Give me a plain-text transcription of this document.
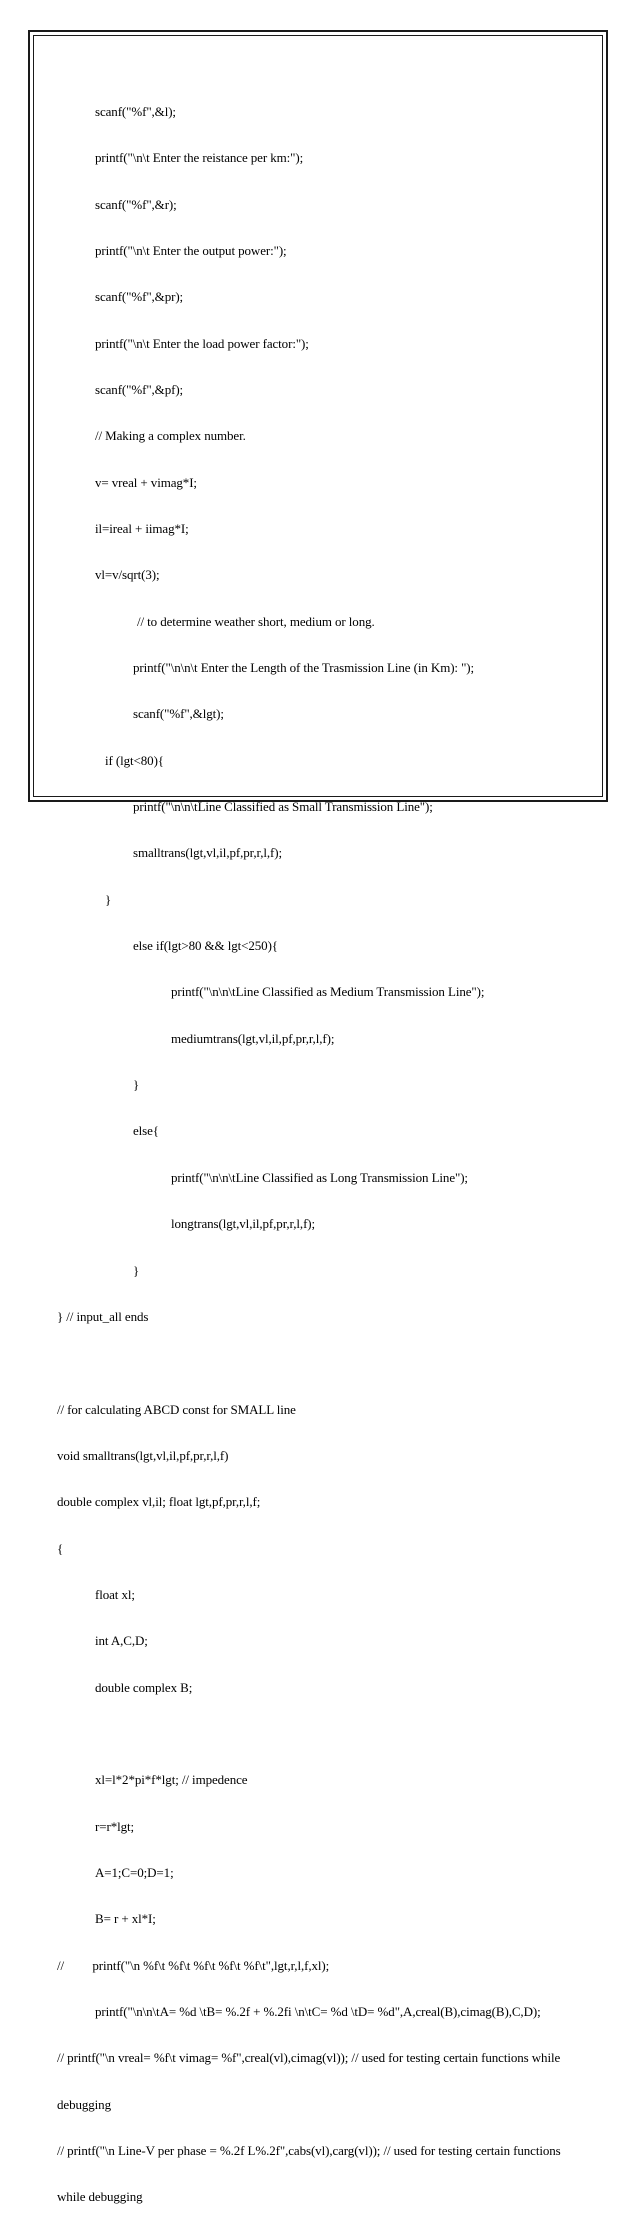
scanf("%f",&l);

printf("\n\t Enter the reistance per km:");

scanf("%f",&r);

printf("\n\t Enter the output power:");

scanf("%f",&pr);

printf("\n\t Enter the load power factor:");

scanf("%f",&pf);

// Making a complex number.

v= vreal + vimag*I;

il=ireal + iimag*I;

vl=v/sqrt(3);

// to determine weather short, medium or long.

printf("\n\n\t Enter the Length of the Trasmission Line (in Km): ");

scanf("%f",&lgt);

if (lgt<80){

printf("\n\n\tLine Classified as Small Transmission Line");

smalltrans(lgt,vl,il,pf,pr,r,l,f);

}

else if(lgt>80 && lgt<250){

printf("\n\n\tLine Classified as Medium Transmission Line");

mediumtrans(lgt,vl,il,pf,pr,r,l,f);

}

else{

printf("\n\n\tLine Classified as Long Transmission Line");

longtrans(lgt,vl,il,pf,pr,r,l,f);

}

} // input_all ends

// for calculating ABCD const for SMALL line

void smalltrans(lgt,vl,il,pf,pr,r,l,f)

double complex vl,il; float lgt,pf,pr,r,l,f;

{

float xl;

int A,C,D;

double complex B;

xl=l*2*pi*f*lgt; // impedence

r=r*lgt;

A=1;C=0;D=1;

B= r + xl*I;

//         printf("\n %f\t %f\t %f\t %f\t %f\t",lgt,r,l,f,xl);

printf("\n\n\tA= %d \tB= %.2f + %.2fi \n\tC= %d \tD= %d",A,creal(B),cimag(B),C,D);

// printf("\n vreal= %f\t vimag= %f",creal(vl),cimag(vl)); // used for testing certain functions while

debugging

// printf("\n Line-V per phase = %.2f L%.2f",cabs(vl),carg(vl)); // used for testing certain functions

while debugging
